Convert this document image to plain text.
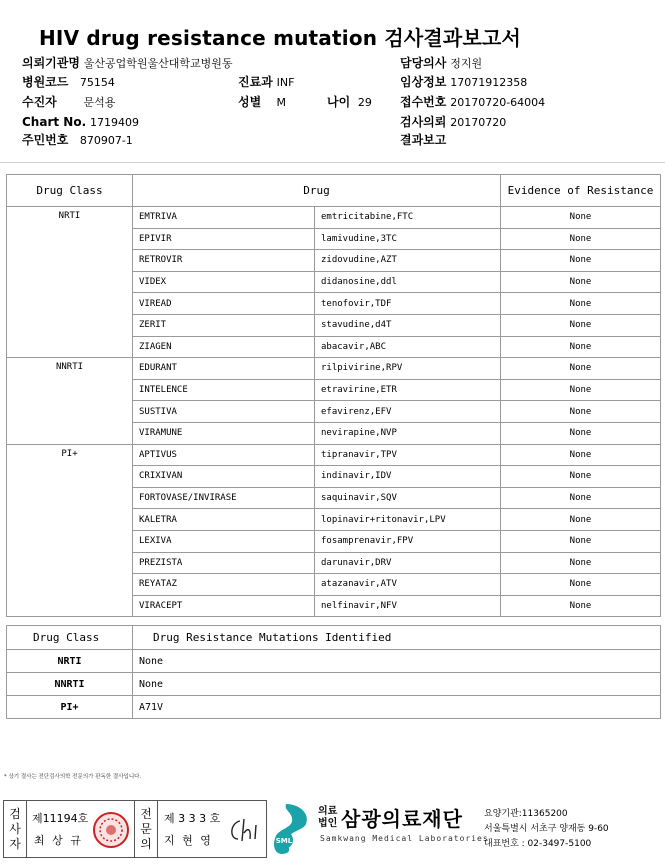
HIV drug resistance mutation 검사결과보고서
의뢰기관명 울산공업학원울산대학교병원동
병원코드 75154	진료과 INF
수진자 문석용	성별 M	나이 29
Chart No. 1719409
주민번호 870907-1
담당의사 정지원
임상정보 17071912358
접수번호 20170720-64004
검사의뢰 20170720
결과보고
Drug Class	Drug		Evidence of Resistance
NRTI	EMTRIVA	emtricitabine,FTC	None
	EPIVIR	lamivudine,3TC	None
	RETROVIR	zidovudine,AZT	None
	VIDEX	didanosine,ddl	None
	VIREAD	tenofovir,TDF	None
	ZERIT	stavudine,d4T	None
	ZIAGEN	abacavir,ABC	None
NNRTI	EDURANT	rilpivirine,RPV	None
	INTELENCE	etravirine,ETR	None
	SUSTIVA	efavirenz,EFV	None
	VIRAMUNE	nevirapine,NVP	None
PI+	APTIVUS	tipranavir,TPV	None
	CRIXIVAN	indinavir,IDV	None
	FORTOVASE/INVIRASE	saquinavir,SQV	None
	KALETRA	lopinavir+ritonavir,LPV	None
	LEXIVA	fosamprenavir,FPV	None
	PREZISTA	darunavir,DRV	None
	REYATAZ	atazanavir,ATV	None
	VIRACEPT	nelfinavir,NFV	None
Drug Class	Drug Resistance Mutations Identified
NRTI	None
NNRTI	None
PI+	A71V
* 상기 결사는 전단검사의학 전문의가 판독한 결사입니다.
검
사
자
제11194호
최 상 규
전
문
의
제 3 3 3 호
지 현 영	SML
의료법인 삼광의료재단
Samkwang Medical Laboratories
요양기관:11365200
서울특별시 서초구 양재동 9-60
대표번호 : 02-3497-5100
